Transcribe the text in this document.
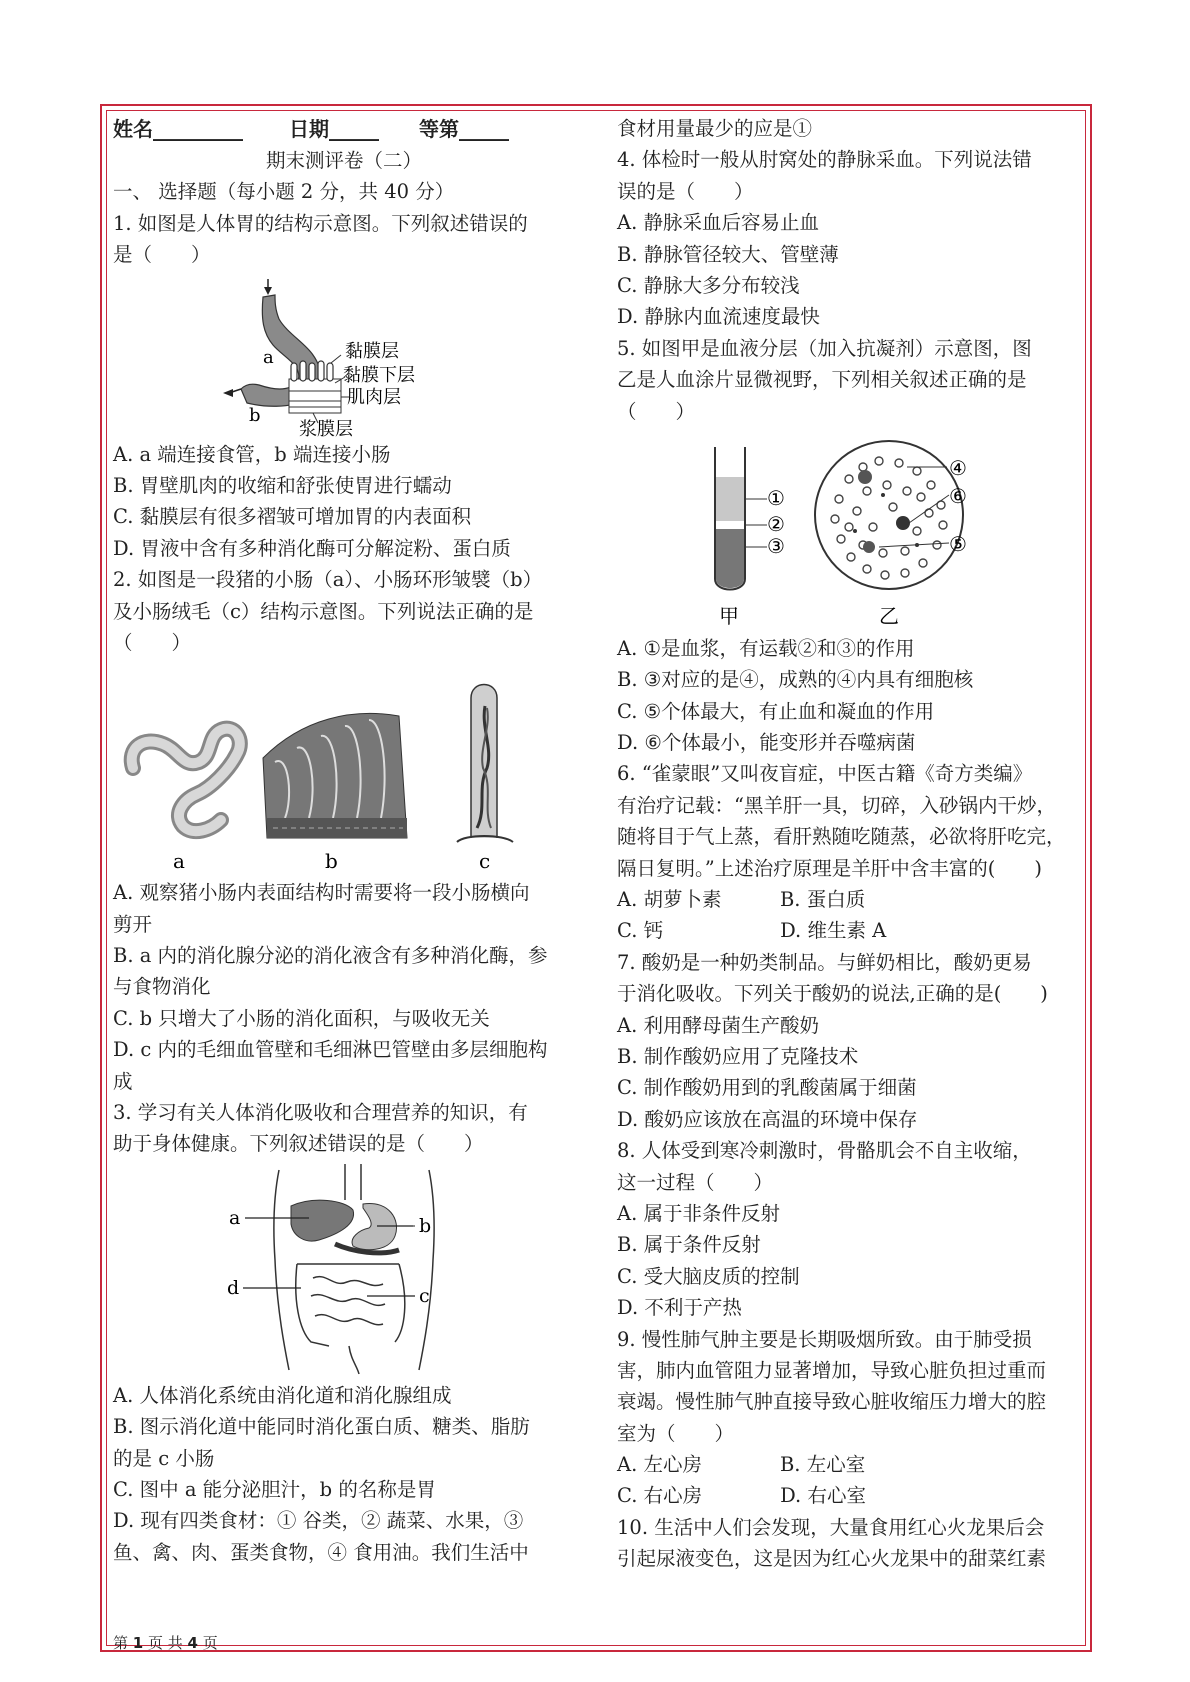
姓名_________ 日期_____ 等第_____
期末测评卷（二）
一、 选择题（每小题 2 分，共 40 分）
1. 如图是人体胃的结构示意图。下列叙述错误的
是（　　）
a
b
黏膜层
黏膜下层
肌肉层
浆膜层
A. a 端连接食管，b 端连接小肠
B. 胃壁肌肉的收缩和舒张使胃进行蠕动
C. 黏膜层有很多褶皱可增加胃的内表面积
D. 胃液中含有多种消化酶可分解淀粉、蛋白质
2. 如图是一段猪的小肠（a）、小肠环形皱襞（b）
及小肠绒毛（c）结构示意图。下列说法正确的是
（　　）
a	b	c
A. 观察猪小肠内表面结构时需要将一段小肠横向
剪开
B. a 内的消化腺分泌的消化液含有多种消化酶，参
与食物消化
C. b 只增大了小肠的消化面积，与吸收无关
D. c 内的毛细血管壁和毛细淋巴管壁由多层细胞构
成
3. 学习有关人体消化吸收和合理营养的知识，有
助于身体健康。下列叙述错误的是（　　）
a	b
c
d
A. 人体消化系统由消化道和消化腺组成
B. 图示消化道中能同时消化蛋白质、糖类、脂肪
的是 c 小肠
C. 图中 a 能分泌胆汁，b 的名称是胃
D. 现有四类食材：① 谷类，② 蔬菜、水果，③
鱼、禽、肉、蛋类食物，④ 食用油。我们生活中
食材用量最少的应是①
4. 体检时一般从肘窝处的静脉采血。下列说法错
误的是（　　）
A. 静脉采血后容易止血
B. 静脉管径较大、管壁薄
C. 静脉大多分布较浅
D. 静脉内血流速度最快
5. 如图甲是血液分层（加入抗凝剂）示意图，图
乙是人血涂片显微视野，下列相关叙述正确的是
（　　）
①
②
③
甲
④
⑥
⑤
乙
A. ①是血浆，有运载②和③的作用
B. ③对应的是④，成熟的④内具有细胞核
C. ⑤个体最大，有止血和凝血的作用
D. ⑥个体最小，能变形并吞噬病菌
6. “雀蒙眼”又叫夜盲症，中医古籍《奇方类编》
有治疗记载：“黑羊肝一具，切碎，入砂锅内干炒，
随将目于气上蒸，看肝熟随吃随蒸，必欲将肝吃完，
隔日复明。”上述治疗原理是羊肝中含丰富的(　　)
A. 胡萝卜素　　　B. 蛋白质
C. 钙　　　　　　D. 维生素 A
7. 酸奶是一种奶类制品。与鲜奶相比，酸奶更易
于消化吸收。下列关于酸奶的说法,正确的是(　　)
A. 利用酵母菌生产酸奶
B. 制作酸奶应用了克隆技术
C. 制作酸奶用到的乳酸菌属于细菌
D. 酸奶应该放在高温的环境中保存
8. 人体受到寒冷刺激时，骨骼肌会不自主收缩，
这一过程（　　）
A. 属于非条件反射
B. 属于条件反射
C. 受大脑皮质的控制
D. 不利于产热
9. 慢性肺气肿主要是长期吸烟所致。由于肺受损
害，肺内血管阻力显著增加，导致心脏负担过重而
衰竭。慢性肺气肿直接导致心脏收缩压力增大的腔
室为（　　）
A. 左心房　　　　B. 左心室
C. 右心房　　　　D. 右心室
10. 生活中人们会发现，大量食用红心火龙果后会
引起尿液变色，这是因为红心火龙果中的甜菜红素
第 1 页 共 4 页
